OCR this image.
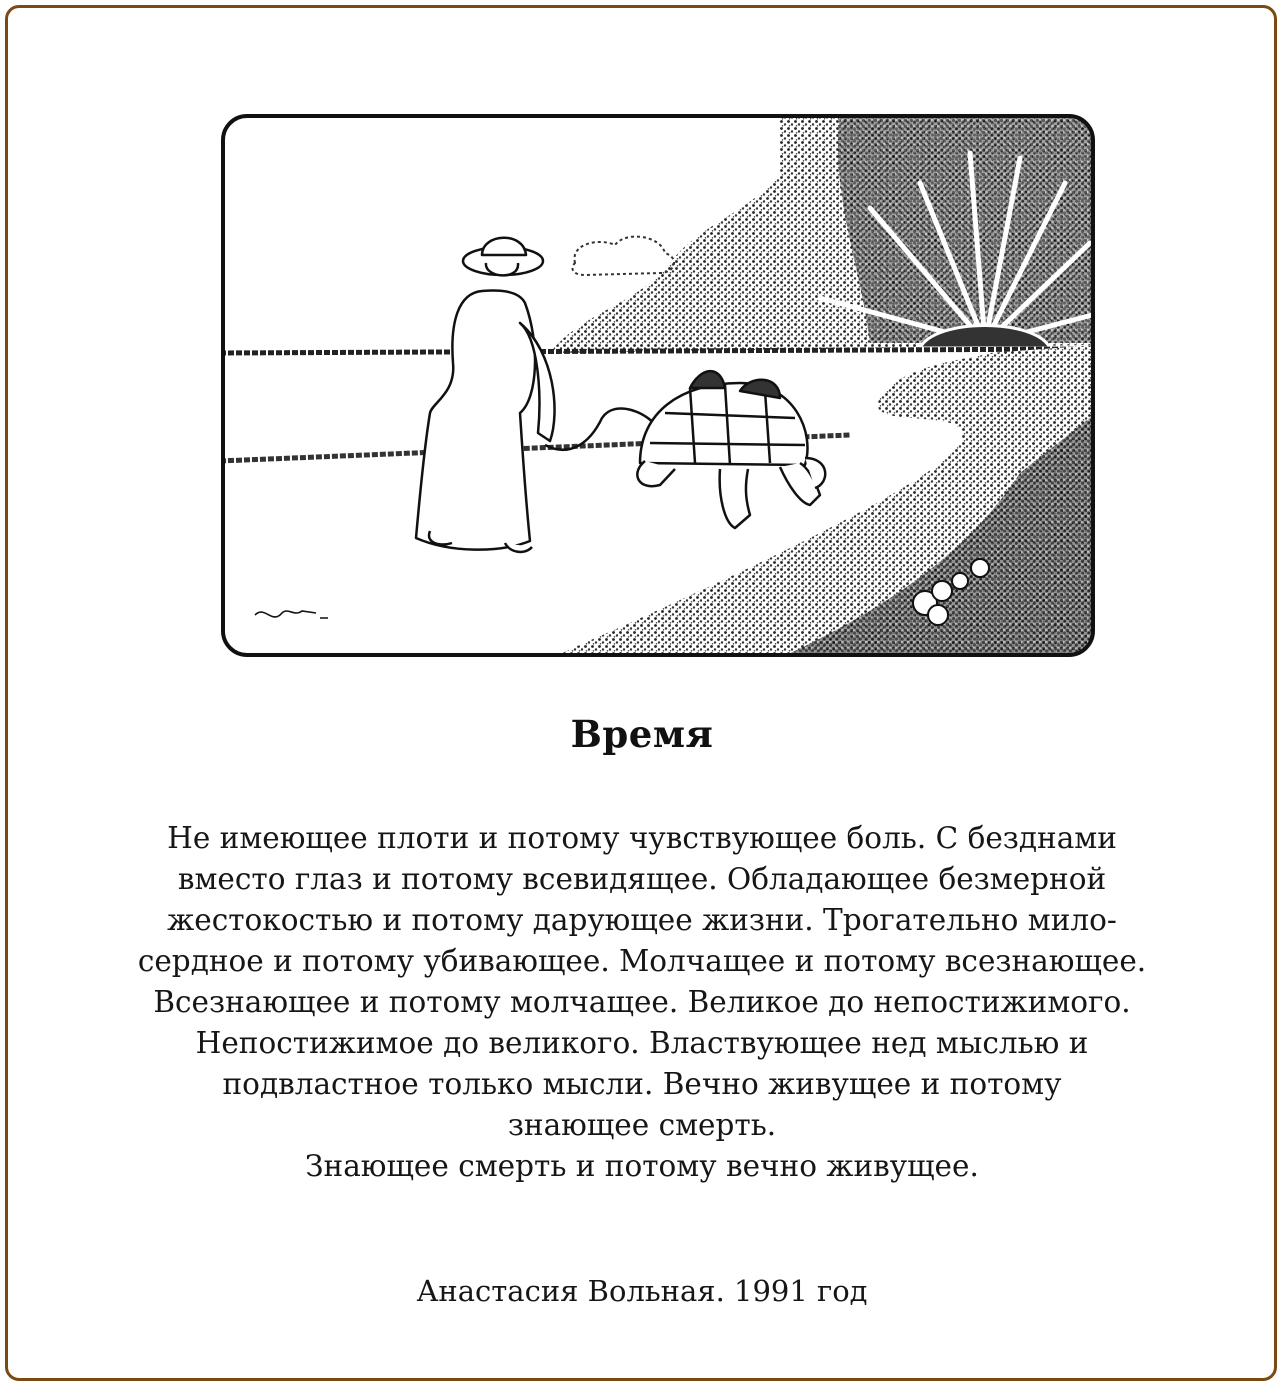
Время
Не имеющее плоти и потому чувствующее боль. С безднами
вместо глаз и потому всевидящее. Обладающее безмерной
жестокостью и потому дарующее жизни. Трогательно мило-
сердное и потому убивающее. Молчащее и потому всезнающее.
Всезнающее и потому молчащее. Великое до непостижимого.
Непостижимое до великого. Властвующее нед мыслью и
подвластное только мысли. Вечно живущее и потому
знающее смерть.
Знающее смерть и потому вечно живущее.
Анастасия Вольная. 1991 год
